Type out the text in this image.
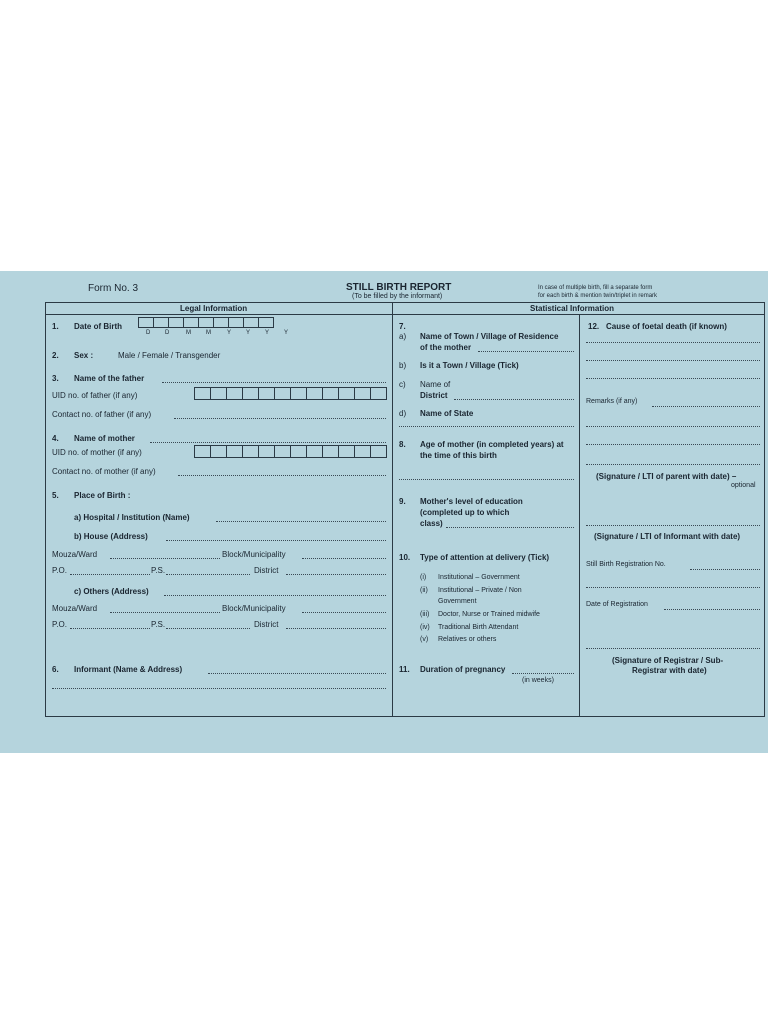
Form No. 3	STILL BIRTH REPORT
(To be filled by the informant)
In case of multiple birth, fill a separate form
for each birth & mention twin/triplet in remark
Legal Information	Statistical Information
1. Date of Birth
D D	M	M	Y Y Y Y
2. Sex :	Male / Female / Transgender
3. Name of the father
UID no. of father (if any)
Contact no. of father (if any)
4. Name of mother
UID no. of mother (if any)
Contact no. of mother (if any)
5. Place of Birth :
a) Hospital / Institution (Name)
b) House (Address)
Mouza/Ward	Block/Municipality
P.O.	P.S.	District
c) Others (Address)
Mouza/Ward	Block/Municipality
P.O.	P.S.	District
6. Informant (Name & Address)
7.
a) Name of Town / Village of Residence
of the mother
b) Is it a Town / Village (Tick)
c) Name of
District
d) Name of State
8. Age of mother (in completed years) at
the time of this birth
9. Mother's level of education
(completed up to which
class)
10. Type of attention at delivery (Tick)
(i) Institutional – Government
(ii) Institutional – Private / Non
Government
(iii) Doctor, Nurse or Trained midwife
(iv) Traditional Birth Attendant
(v) Relatives or others
11. Duration of pregnancy
(in weeks)
12. Cause of foetal death (if known)
Remarks (if any)
(Signature / LTI of parent with date) –
optional
(Signature / LTI of Informant with date)
Still Birth Registration No.
Date of Registration
(Signature of Registrar / Sub-
Registrar with date)
